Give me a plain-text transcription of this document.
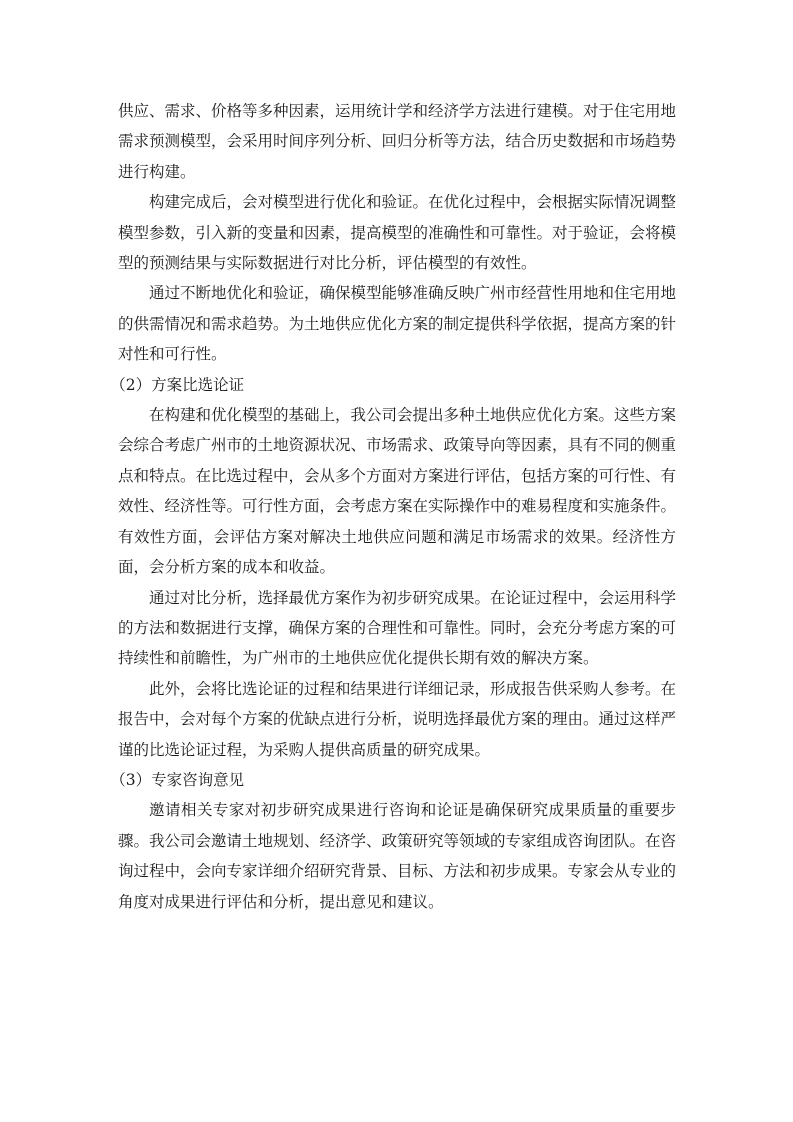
供应、需求、价格等多种因素，运用统计学和经济学方法进行建模。对于住宅用地需求预测模型，会采用时间序列分析、回归分析等方法，结合历史数据和市场趋势进行构建。

构建完成后，会对模型进行优化和验证。在优化过程中，会根据实际情况调整模型参数，引入新的变量和因素，提高模型的准确性和可靠性。对于验证，会将模型的预测结果与实际数据进行对比分析，评估模型的有效性。

通过不断地优化和验证，确保模型能够准确反映广州市经营性用地和住宅用地的供需情况和需求趋势。为土地供应优化方案的制定提供科学依据，提高方案的针对性和可行性。

（2）方案比选论证

在构建和优化模型的基础上，我公司会提出多种土地供应优化方案。这些方案会综合考虑广州市的土地资源状况、市场需求、政策导向等因素，具有不同的侧重点和特点。在比选过程中，会从多个方面对方案进行评估，包括方案的可行性、有效性、经济性等。可行性方面，会考虑方案在实际操作中的难易程度和实施条件。有效性方面，会评估方案对解决土地供应问题和满足市场需求的效果。经济性方面，会分析方案的成本和收益。

通过对比分析，选择最优方案作为初步研究成果。在论证过程中，会运用科学的方法和数据进行支撑，确保方案的合理性和可靠性。同时，会充分考虑方案的可持续性和前瞻性，为广州市的土地供应优化提供长期有效的解决方案。

此外，会将比选论证的过程和结果进行详细记录，形成报告供采购人参考。在报告中，会对每个方案的优缺点进行分析，说明选择最优方案的理由。通过这样严谨的比选论证过程，为采购人提供高质量的研究成果。

（3）专家咨询意见

邀请相关专家对初步研究成果进行咨询和论证是确保研究成果质量的重要步骤。我公司会邀请土地规划、经济学、政策研究等领域的专家组成咨询团队。在咨询过程中，会向专家详细介绍研究背景、目标、方法和初步成果。专家会从专业的角度对成果进行评估和分析，提出意见和建议。
